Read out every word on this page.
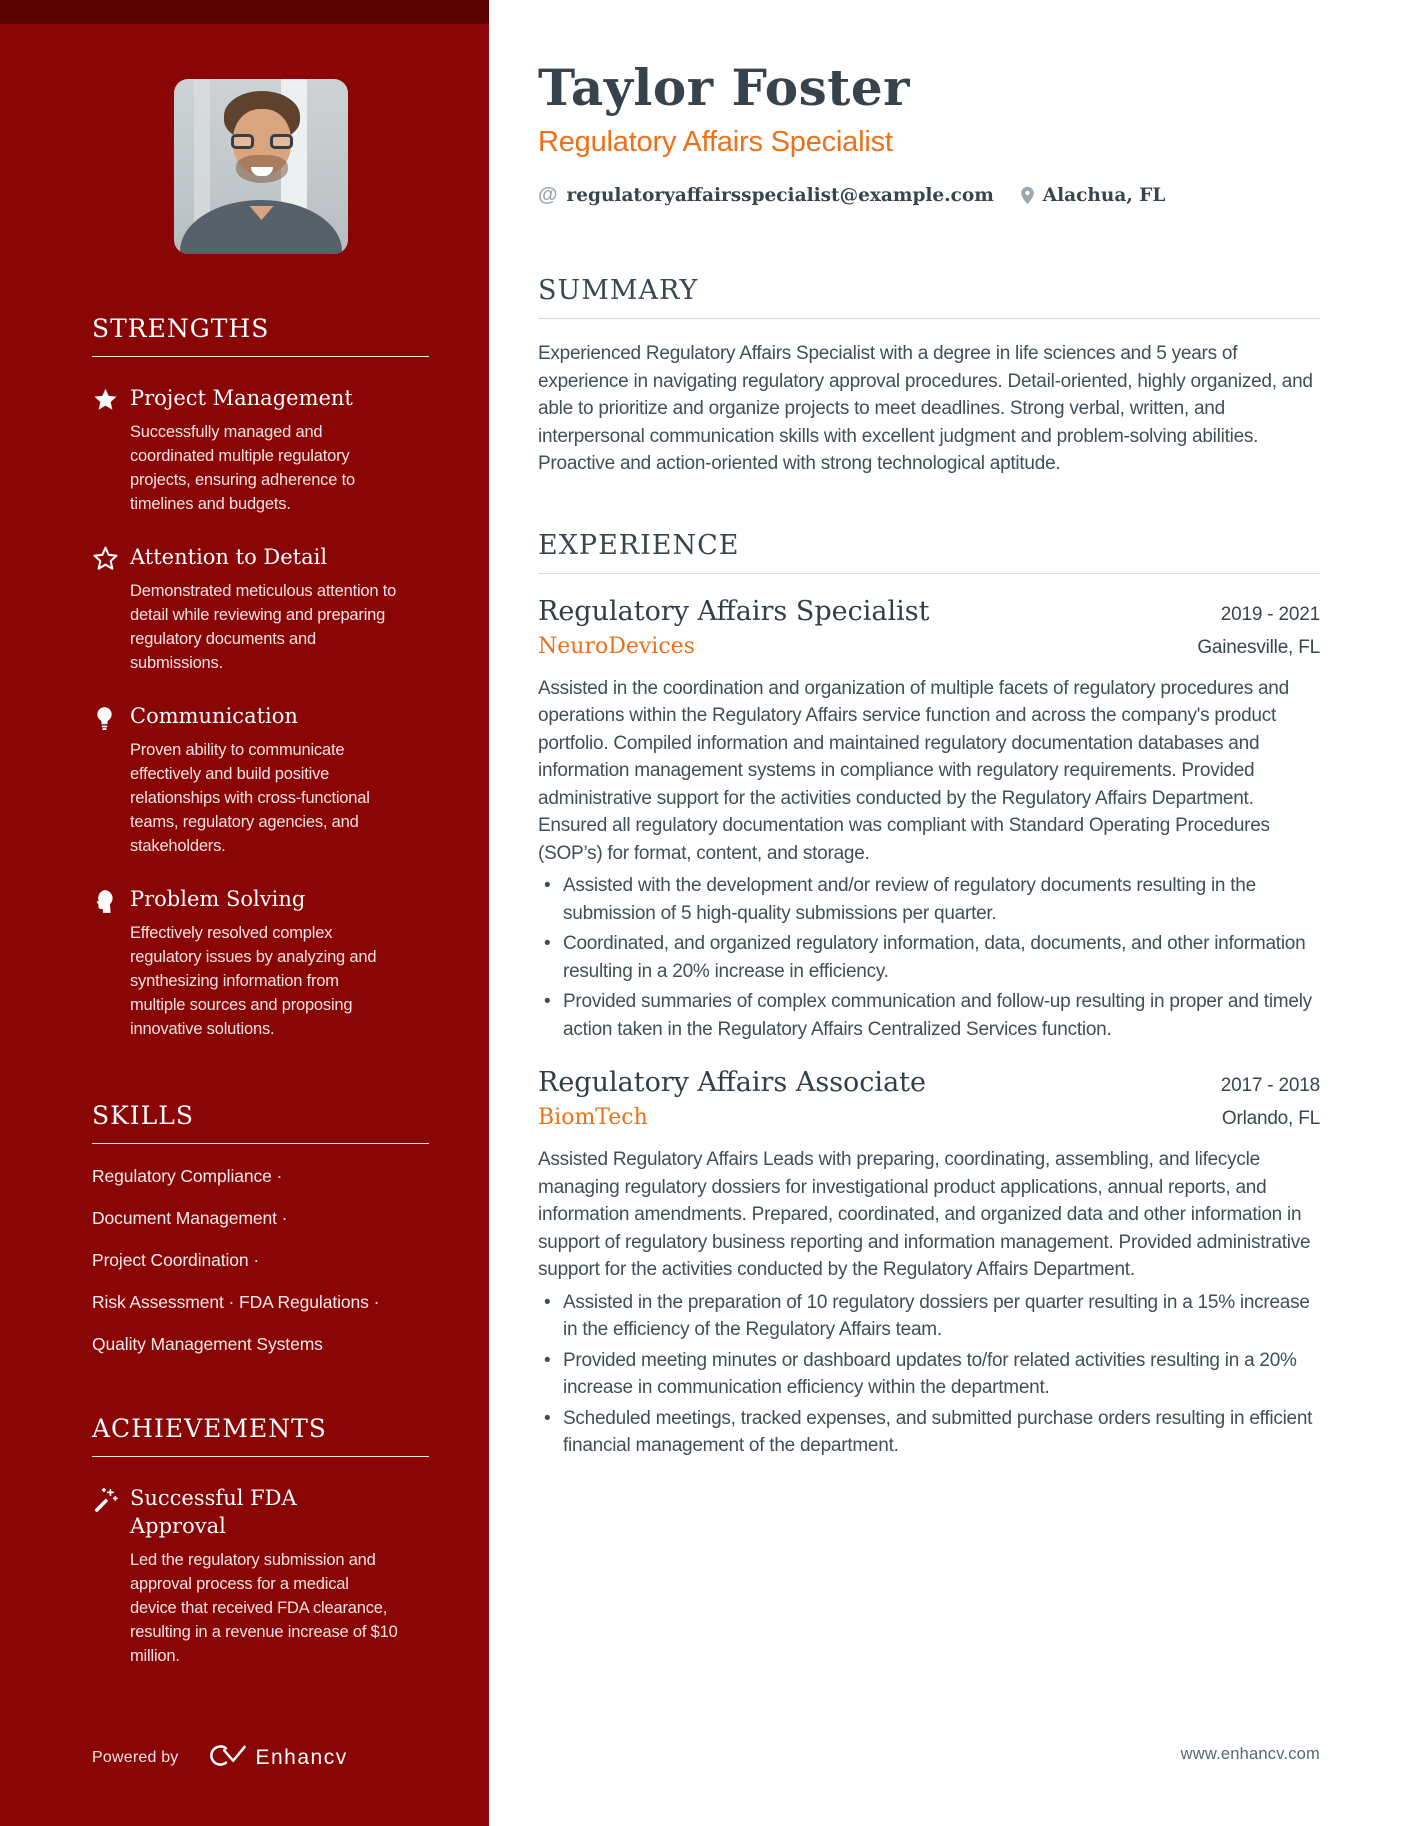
STRENGTHS
Project Management
Successfully managed and coordinated multiple regulatory projects, ensuring adherence to timelines and budgets.
Attention to Detail
Demonstrated meticulous attention to detail while reviewing and preparing regulatory documents and submissions.
Communication
Proven ability to communicate effectively and build positive relationships with cross-functional teams, regulatory agencies, and stakeholders.
Problem Solving
Effectively resolved complex regulatory issues by analyzing and synthesizing information from multiple sources and proposing innovative solutions.
SKILLS
Regulatory Compliance ·
Document Management ·
Project Coordination ·
Risk Assessment · FDA Regulations ·
Quality Management Systems
ACHIEVEMENTS
Successful FDA Approval
Led the regulatory submission and approval process for a medical device that received FDA clearance, resulting in a revenue increase of $10 million.
Powered by	Enhancv
Taylor Foster
Regulatory Affairs Specialist
@ regulatoryaffairsspecialist@example.com	Alachua, FL
SUMMARY
Experienced Regulatory Affairs Specialist with a degree in life sciences and 5 years of experience in navigating regulatory approval procedures. Detail-oriented, highly organized, and able to prioritize and organize projects to meet deadlines. Strong verbal, written, and interpersonal communication skills with excellent judgment and problem-solving abilities. Proactive and action-oriented with strong technological aptitude.
EXPERIENCE
Regulatory Affairs Specialist	2019 - 2021
NeuroDevices	Gainesville, FL
Assisted in the coordination and organization of multiple facets of regulatory procedures and operations within the Regulatory Affairs service function and across the company's product portfolio. Compiled information and maintained regulatory documentation databases and information management systems in compliance with regulatory requirements. Provided administrative support for the activities conducted by the Regulatory Affairs Department. Ensured all regulatory documentation was compliant with Standard Operating Procedures (SOP’s) for format, content, and storage.
• Assisted with the development and/or review of regulatory documents resulting in the submission of 5 high-quality submissions per quarter.
• Coordinated, and organized regulatory information, data, documents, and other information resulting in a 20% increase in efficiency.
• Provided summaries of complex communication and follow-up resulting in proper and timely action taken in the Regulatory Affairs Centralized Services function.
Regulatory Affairs Associate	2017 - 2018
BiomTech	Orlando, FL
Assisted Regulatory Affairs Leads with preparing, coordinating, assembling, and lifecycle managing regulatory dossiers for investigational product applications, annual reports, and information amendments. Prepared, coordinated, and organized data and other information in support of regulatory business reporting and information management. Provided administrative support for the activities conducted by the Regulatory Affairs Department.
• Assisted in the preparation of 10 regulatory dossiers per quarter resulting in a 15% increase in the efficiency of the Regulatory Affairs team.
• Provided meeting minutes or dashboard updates to/for related activities resulting in a 20% increase in communication efficiency within the department.
• Scheduled meetings, tracked expenses, and submitted purchase orders resulting in efficient financial management of the department.
www.enhancv.com
